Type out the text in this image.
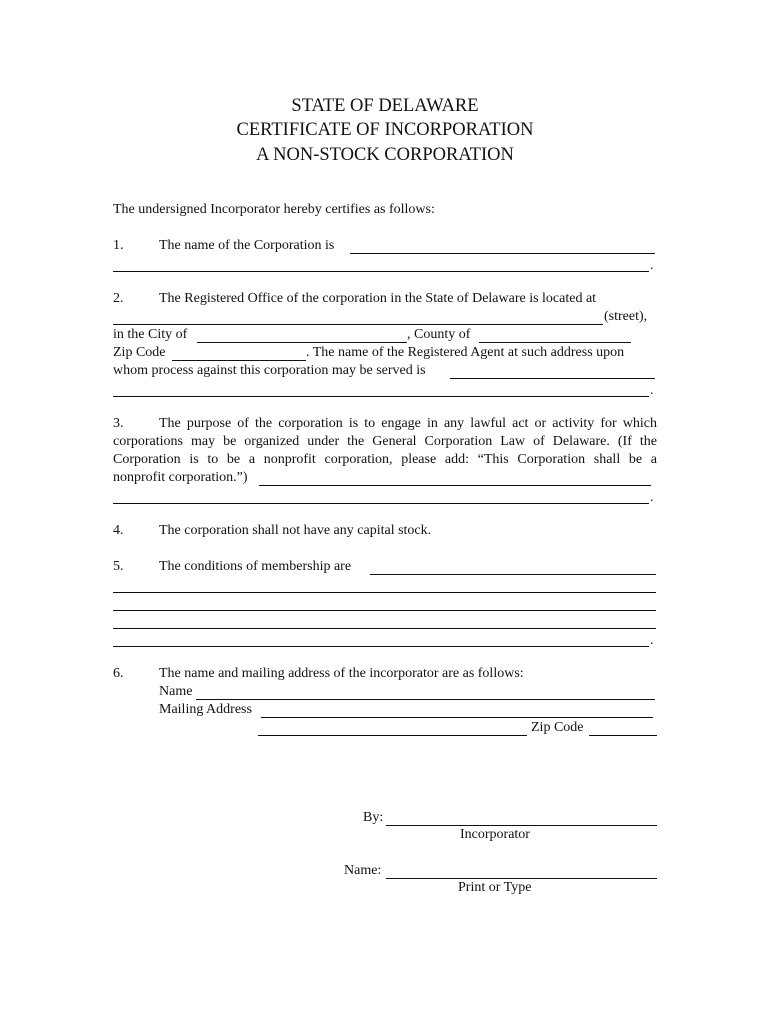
STATE OF DELAWARE
CERTIFICATE OF INCORPORATION
A NON-STOCK CORPORATION
The undersigned Incorporator hereby certifies as follows:
1.	The name of the Corporation is
.
2.	The Registered Office of the corporation in the State of Delaware is located at
(street),
in the City of	, County of
Zip Code	. The name of the Registered Agent at such address upon
whom process against this corporation may be served is
.
3.	The purpose of the corporation is to engage in any lawful act or activity for which
corporations may be organized under the General Corporation Law of Delaware. (If the
Corporation is to be a nonprofit corporation, please add: “This Corporation shall be a
nonprofit corporation.”)
.
4.	The corporation shall not have any capital stock.
5.	The conditions of membership are
.
6.	The name and mailing address of the incorporator are as follows:
Name
Mailing Address
Zip Code
By:
Incorporator
Name:
Print or Type
